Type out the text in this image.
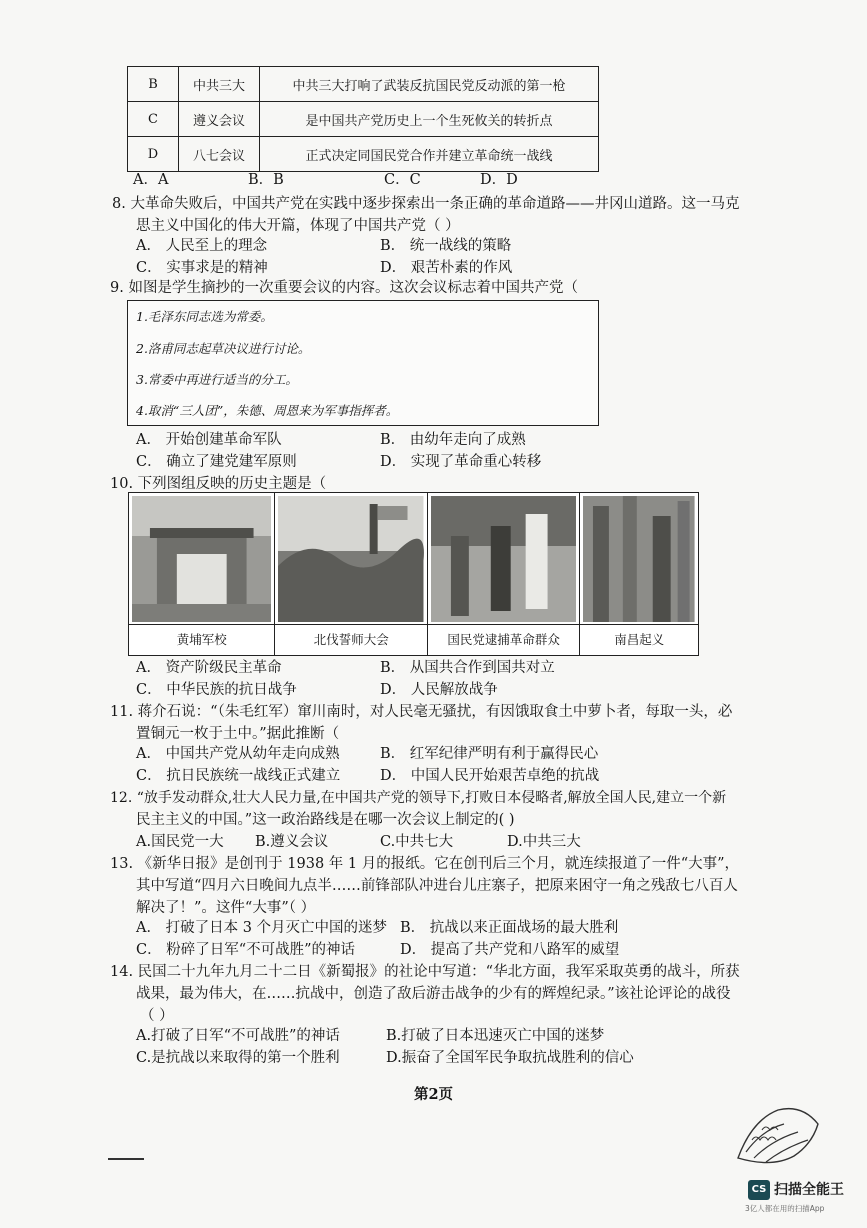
B	中共三大	中共三大打响了武装反抗国民党反动派的第一枪
C	遵义会议	是中国共产党历史上一个生死攸关的转折点
D	八七会议	正式决定同国民党合作并建立革命统一战线
A．A	B．B	C．C	D．D
8. 大革命失败后，中国共产党在实践中逐步探索出一条正确的革命道路——井冈山道路。这一马克
思主义中国化的伟大开篇，体现了中国共产党（ ）
A． 人民至上的理念	B． 统一战线的策略
C． 实事求是的精神	D． 艰苦朴素的作风
9. 如图是学生摘抄的一次重要会议的内容。这次会议标志着中国共产党（
1.毛泽东同志选为常委。
2.洛甫同志起草决议进行讨论。
3.常委中再进行适当的分工。
4.取消“三人团”，朱德、周恩来为军事指挥者。
A． 开始创建革命军队	B． 由幼年走向了成熟
C． 确立了建党建军原则	D． 实现了革命重心转移
10. 下列图组反映的历史主题是（
黄埔军校	北伐誓师大会	国民党逮捕革命群众	南昌起义
A． 资产阶级民主革命	B． 从国共合作到国共对立
C． 中华民族的抗日战争	D． 人民解放战争
11. 蒋介石说：“（朱毛红军）窜川南时，对人民毫无骚扰，有因饿取食土中萝卜者，每取一头，必
置铜元一枚于土中。”据此推断（
A． 中国共产党从幼年走向成熟	B． 红军纪律严明有利于赢得民心
C． 抗日民族统一战线正式建立	D． 中国人民开始艰苦卓绝的抗战
12. “放手发动群众,壮大人民力量,在中国共产党的领导下,打败日本侵略者,解放全国人民,建立一个新
民主主义的中国。”这一政治路线是在哪一次会议上制定的( )
A.国民党一大 B.遵义会议	C.中共七大	D.中共三大
13. 《新华日报》是创刊于 1938 年 1 月的报纸。它在创刊后三个月，就连续报道了一件“大事”，
其中写道“四月六日晚间九点半……前锋部队冲进台儿庄寨子，把原来困守一角之残敌七八百人
解决了！”。这件“大事”（ ）
A． 打破了日本 3 个月灭亡中国的迷梦 B． 抗战以来正面战场的最大胜利
C． 粉碎了日军“不可战胜”的神话	D． 提高了共产党和八路军的威望
14. 民国二十九年九月二十二日《新蜀报》的社论中写道：“华北方面，我军采取英勇的战斗，所获
战果，最为伟大，在……抗战中，创造了敌后游击战争的少有的辉煌纪录。”该社论评论的战役
（ ）
A.打破了日军“不可战胜”的神话	B.打破了日本迅速灭亡中国的迷梦
C.是抗战以来取得的第一个胜利	D.振奋了全国军民争取抗战胜利的信心
第2页
CS 扫描全能王
3亿人都在用的扫描App
